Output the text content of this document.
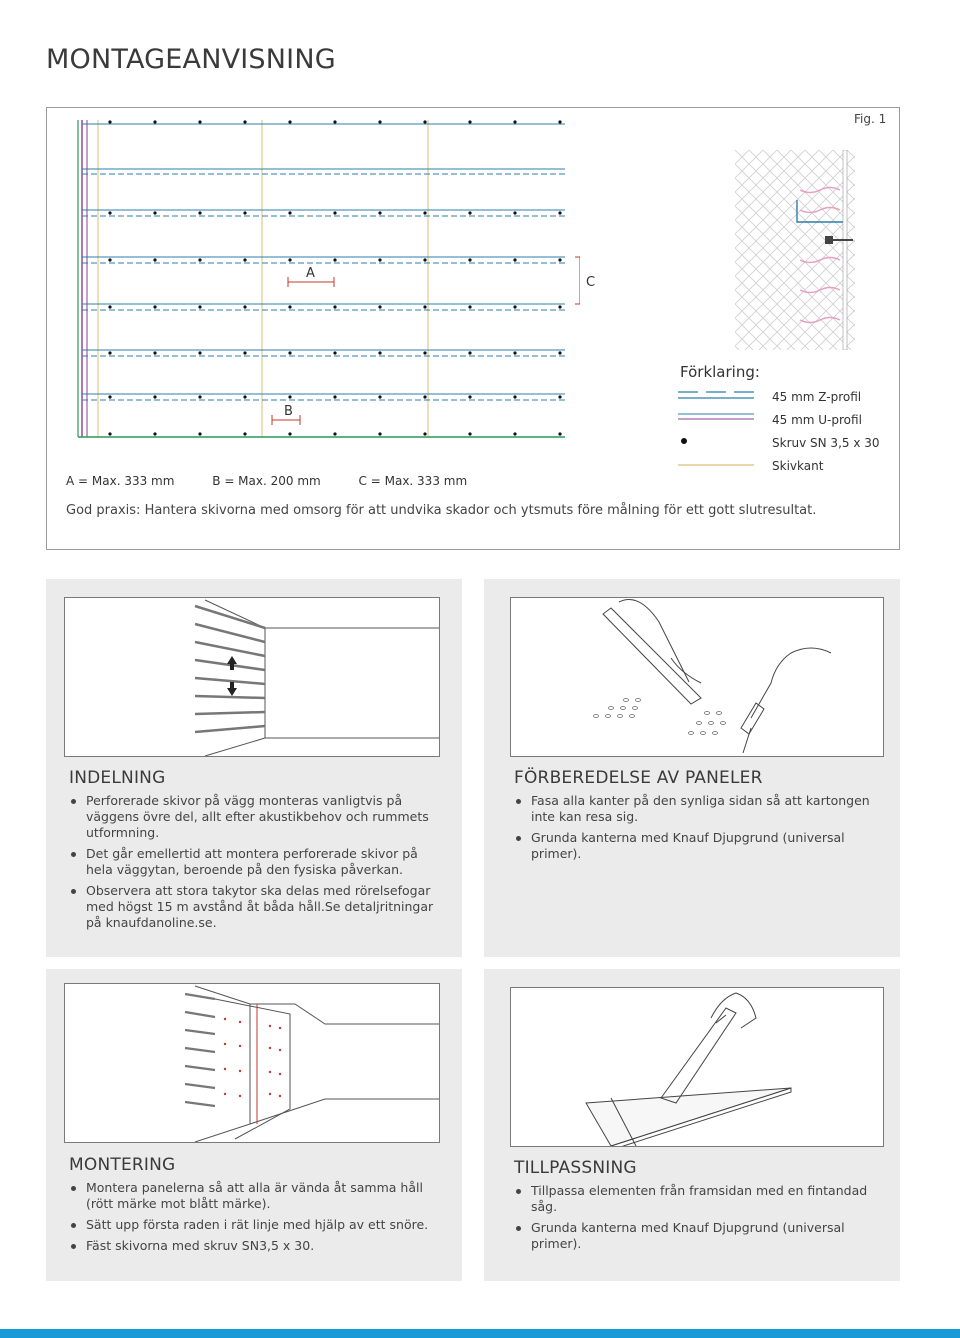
MONTAGEANVISNING
Fig. 1
A
B
C
Förklaring:
45 mm Z-profil
45 mm U-profil
Skruv SN 3,5 x 30
Skivkant
A = Max. 333 mm	B = Max. 200 mm	C = Max. 333 mm
God praxis: Hantera skivorna med omsorg för att undvika skador och ytsmuts före målning för ett gott slutresultat.
INDELNING
Perforerade skivor på vägg monteras vanligtvis på väggens övre del, allt efter akustikbehov och rummets utformning.
Det går emellertid att montera perforerade skivor på hela väggytan, beroende på den fysiska påverkan.
Observera att stora takytor ska delas med rörelsefogar med högst 15 m avstånd åt båda håll.Se detaljritningar på knaufdanoline.se.
FÖRBEREDELSE AV PANELER
Fasa alla kanter på den synliga sidan så att kartongen inte kan resa sig.
Grunda kanterna med Knauf Djupgrund (universal primer).
MONTERING
Montera panelerna så att alla är vända åt samma håll (rött märke mot blått märke).
Sätt upp första raden i rät linje med hjälp av ett snöre.
Fäst skivorna med skruv SN3,5 x 30.
TILLPASSNING
Tillpassa elementen från framsidan med en fintandad såg.
Grunda kanterna med Knauf Djupgrund (universal primer).
